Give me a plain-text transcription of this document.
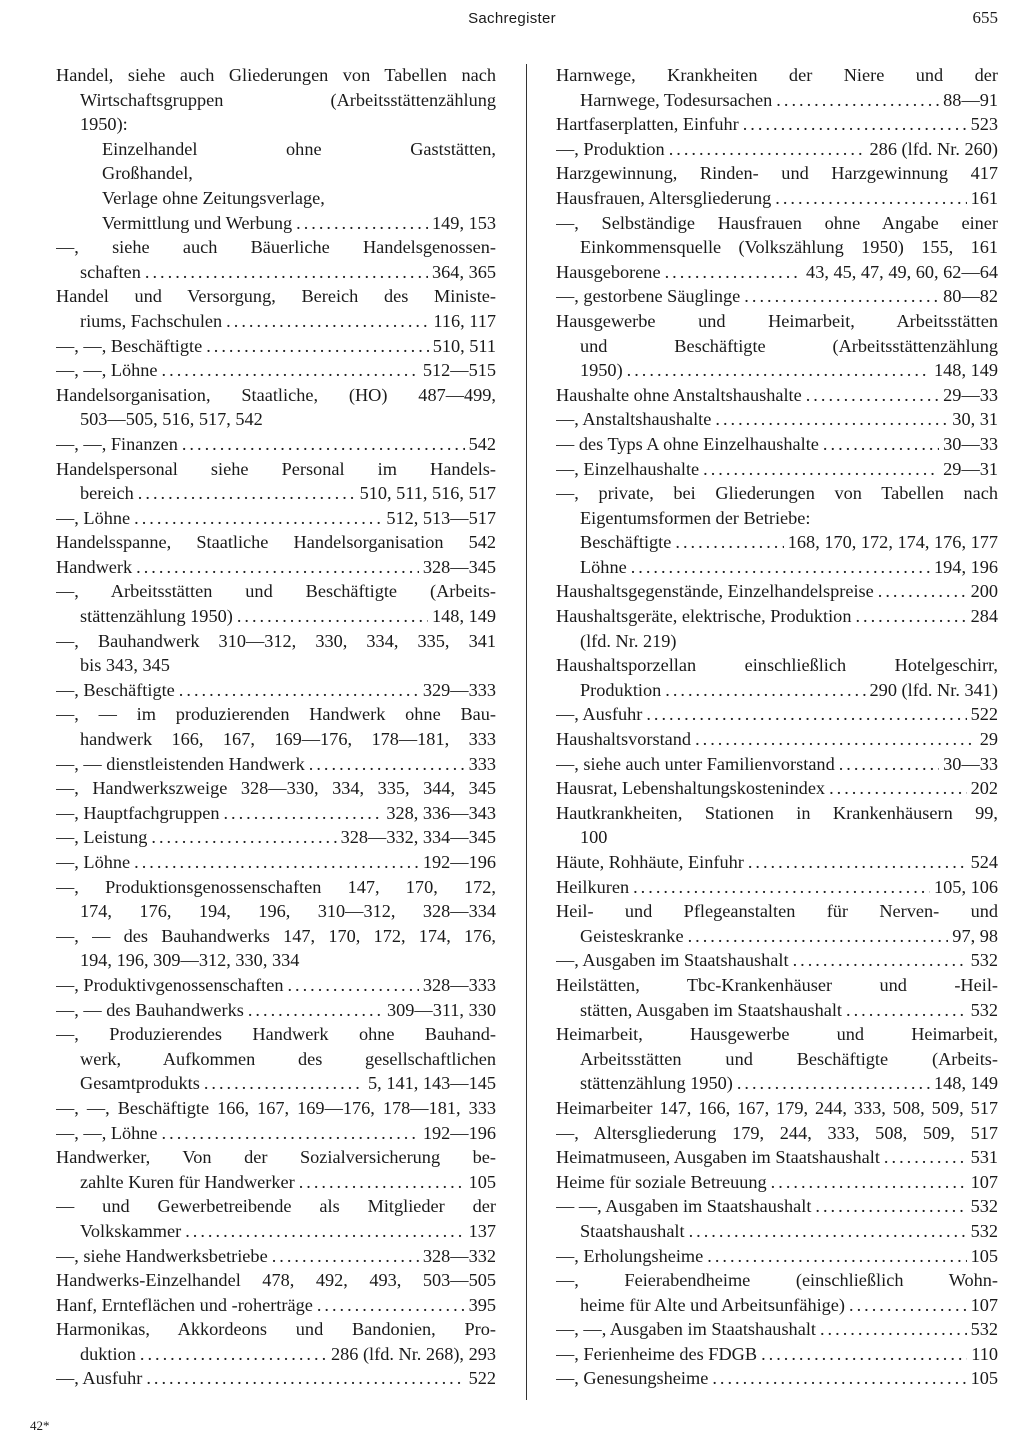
Sachregister	655
Handel, siehe auch Gliederungen von Tabellen nach
Wirtschaftsgruppen (Arbeitsstättenzählung
1950):
Einzelhandel ohne Gaststätten,
Großhandel,
Verlage ohne Zeitungsverlage,
Vermittlung und Werbung .....	149, 153
—, siehe auch Bäuerliche Handelsgenossen-
schaften .....	364, 365
Handel und Versorgung, Bereich des Ministe-
riums, Fachschulen .....	116, 117
—, —, Beschäftigte .....	510, 511
—, —, Löhne .....	512—515
Handelsorganisation, Staatliche, (HO) 487—499,
503—505, 516, 517, 542
—, —, Finanzen .....	542
Handelspersonal siehe Personal im Handels-
bereich .....	510, 511, 516, 517
—, Löhne .....	512, 513—517
Handelsspanne, Staatliche Handelsorganisation 542
Handwerk .....	328—345
—, Arbeitsstätten und Beschäftigte (Arbeits-
stättenzählung 1950) .....	148, 149
—, Bauhandwerk 310—312, 330, 334, 335, 341
bis 343, 345
—, Beschäftigte .....	329—333
—, — im produzierenden Handwerk ohne Bau-
handwerk 166, 167, 169—176, 178—181, 333
—, — dienstleistenden Handwerk .....	333
—, Handwerkszweige 328—330, 334, 335, 344, 345
—, Hauptfachgruppen .....	328, 336—343
—, Leistung .....	328—332, 334—345
—, Löhne .....	192—196
—, Produktionsgenossenschaften 147, 170, 172,
174, 176, 194, 196, 310—312, 328—334
—, — des Bauhandwerks 147, 170, 172, 174, 176,
194, 196, 309—312, 330, 334
—, Produktivgenossenschaften .....	328—333
—, — des Bauhandwerks .....	309—311, 330
—, Produzierendes Handwerk ohne Bauhand-
werk, Aufkommen des gesellschaftlichen
Gesamtprodukts .....	5, 141, 143—145
—, —, Beschäftigte 166, 167, 169—176, 178—181, 333
—, —, Löhne .....	192—196
Handwerker, Von der Sozialversicherung be-
zahlte Kuren für Handwerker .....	105
— und Gewerbetreibende als Mitglieder der
Volkskammer .....	137
—, siehe Handwerksbetriebe .....	328—332
Handwerks-Einzelhandel 478, 492, 493, 503—505
Hanf, Ernteflächen und -roherträge .....	395
Harmonikas, Akkordeons und Bandonien, Pro-
duktion .....	286 (lfd. Nr. 268), 293
—, Ausfuhr .....	522
Harnwege, Krankheiten der Niere und der
Harnwege, Todesursachen .....	88—91
Hartfaserplatten, Einfuhr .....	523
—, Produktion .....	286 (lfd. Nr. 260)
Harzgewinnung, Rinden- und Harzgewinnung 417
Hausfrauen, Altersgliederung .....	161
—, Selbständige Hausfrauen ohne Angabe einer
Einkommensquelle (Volkszählung 1950) 155, 161
Hausgeborene .....	43, 45, 47, 49, 60, 62—64
—, gestorbene Säuglinge .....	80—82
Hausgewerbe und Heimarbeit, Arbeitsstätten
und Beschäftigte (Arbeitsstättenzählung
1950) .....	148, 149
Haushalte ohne Anstaltshaushalte .....	29—33
—, Anstaltshaushalte .....	30, 31
— des Typs A ohne Einzelhaushalte .....	30—33
—, Einzelhaushalte .....	29—31
—, private, bei Gliederungen von Tabellen nach
Eigentumsformen der Betriebe:
Beschäftigte .....	168, 170, 172, 174, 176, 177
Löhne .....	194, 196
Haushaltsgegenstände, Einzelhandelspreise .....	200
Haushaltsgeräte, elektrische, Produktion .....	284
(lfd. Nr. 219)
Haushaltsporzellan einschließlich Hotelgeschirr,
Produktion .....	290 (lfd. Nr. 341)
—, Ausfuhr .....	522
Haushaltsvorstand .....	29
—, siehe auch unter Familienvorstand .....	30—33
Hausrat, Lebenshaltungskostenindex .....	202
Hautkrankheiten, Stationen in Krankenhäusern 99,
100
Häute, Rohhäute, Einfuhr .....	524
Heilkuren .....	105, 106
Heil- und Pflegeanstalten für Nerven- und
Geisteskranke .....	97, 98
—, Ausgaben im Staatshaushalt .....	532
Heilstätten, Tbc-Krankenhäuser und -Heil-
stätten, Ausgaben im Staatshaushalt .....	532
Heimarbeit, Hausgewerbe und Heimarbeit,
Arbeitsstätten und Beschäftigte (Arbeits-
stättenzählung 1950) .....	148, 149
Heimarbeiter 147, 166, 167, 179, 244, 333, 508, 509, 517
—, Altersgliederung 179, 244, 333, 508, 509, 517
Heimatmuseen, Ausgaben im Staatshaushalt .....	531
Heime für soziale Betreuung .....	107
— —, Ausgaben im Staatshaushalt .....	532
Staatshaushalt .....	532
—, Erholungsheime .....	105
—, Feierabendheime (einschließlich Wohn-
heime für Alte und Arbeitsunfähige) .....	107
—, —, Ausgaben im Staatshaushalt .....	532
—, Ferienheime des FDGB .....	110
—, Genesungsheime .....	105
42*
